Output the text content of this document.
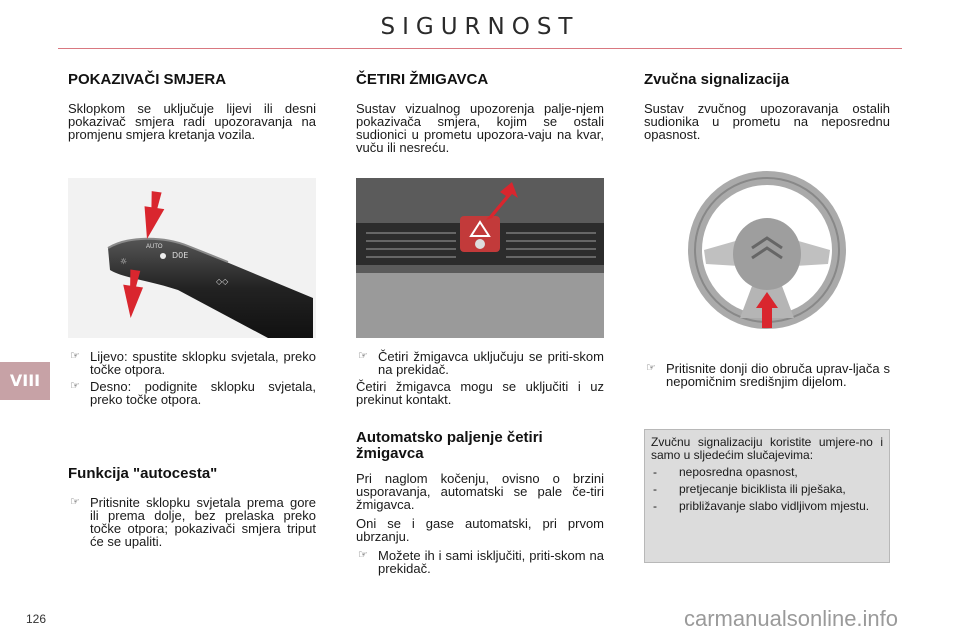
SIGURNOST
VIII
126	carmanualsonline.info
POKAZIVAČI SMJERA

Sklopkom se uključuje lijevi ili desni pokazivač smjera radi upozoravanja na promjenu smjera kretanja vozila.

AUTO
D0E
☼
◇◇
☞ Lijevo: spustite sklopku svjetala, preko točke otpora.
☞ Desno: podignite sklopku svjetala, preko točke otpora.
Funkcija "autocesta"
☞ Pritisnite sklopku svjetala prema gore ili prema dolje, bez prelaska preko točke otpora; pokazivači smjera triput će se upaliti.
ČETIRI ŽMIGAVCA

Sustav vizualnog upozorenja palje-njem pokazivača smjera, kojim se ostali sudionici u prometu upozora-vaju na kvar, vuču ili nesreću.

☞ Četiri žmigavca uključuju se priti-skom na prekidač.

Četiri žmigavca mogu se uključiti i uz prekinut kontakt.

Automatsko paljenje četiri žmigavca

Pri naglom kočenju, ovisno o brzini usporavanja, automatski se pale če-tiri žmigavca.

Oni se i gase automatski, pri prvom ubrzanju.

☞ Možete ih i sami isključiti, priti-skom na prekidač.
Zvučna signalizacija

Sustav zvučnog upozoravanja ostalih sudionika u prometu na neposrednu opasnost.

☞ Pritisnite donji dio obruča uprav-ljača s nepomičnim središnjim dijelom.
Zvučnu signalizaciju koristite umjere-no i samo u sljedećim slučajevima:
- neposredna opasnost,
- pretjecanje biciklista ili pješaka,
- približavanje slabo vidljivom mjestu.
